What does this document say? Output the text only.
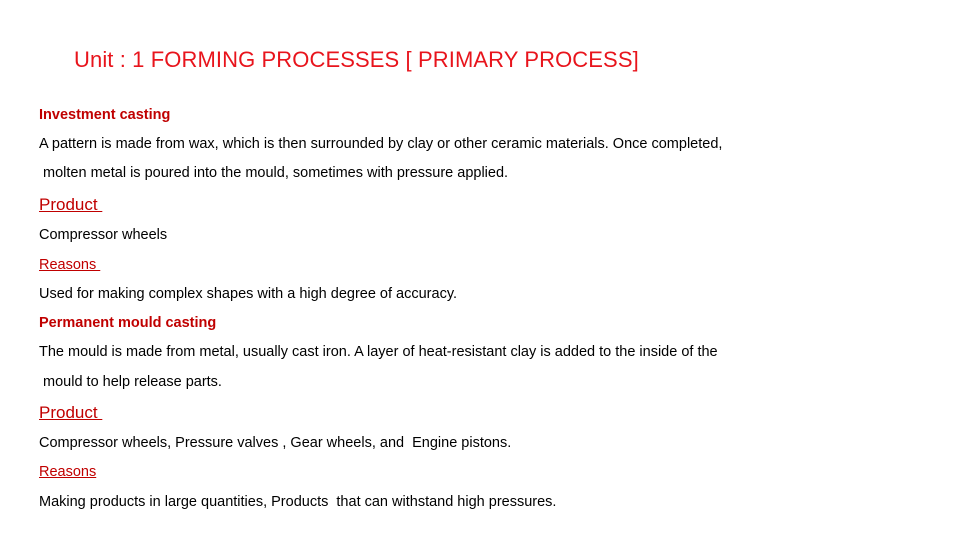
Unit : 1 FORMING PROCESSES [ PRIMARY PROCESS]
Investment casting
A pattern is made from wax, which is then surrounded by clay or other ceramic materials. Once completed,
molten metal is poured into the mould, sometimes with pressure applied.
Product
Compressor wheels
Reasons
Used for making complex shapes with a high degree of accuracy.
Permanent mould casting
The mould is made from metal, usually cast iron. A layer of heat-resistant clay is added to the inside of the
mould to help release parts.
Product
Compressor wheels, Pressure valves , Gear wheels, and  Engine pistons.
Reasons
Making products in large quantities, Products  that can withstand high pressures.
